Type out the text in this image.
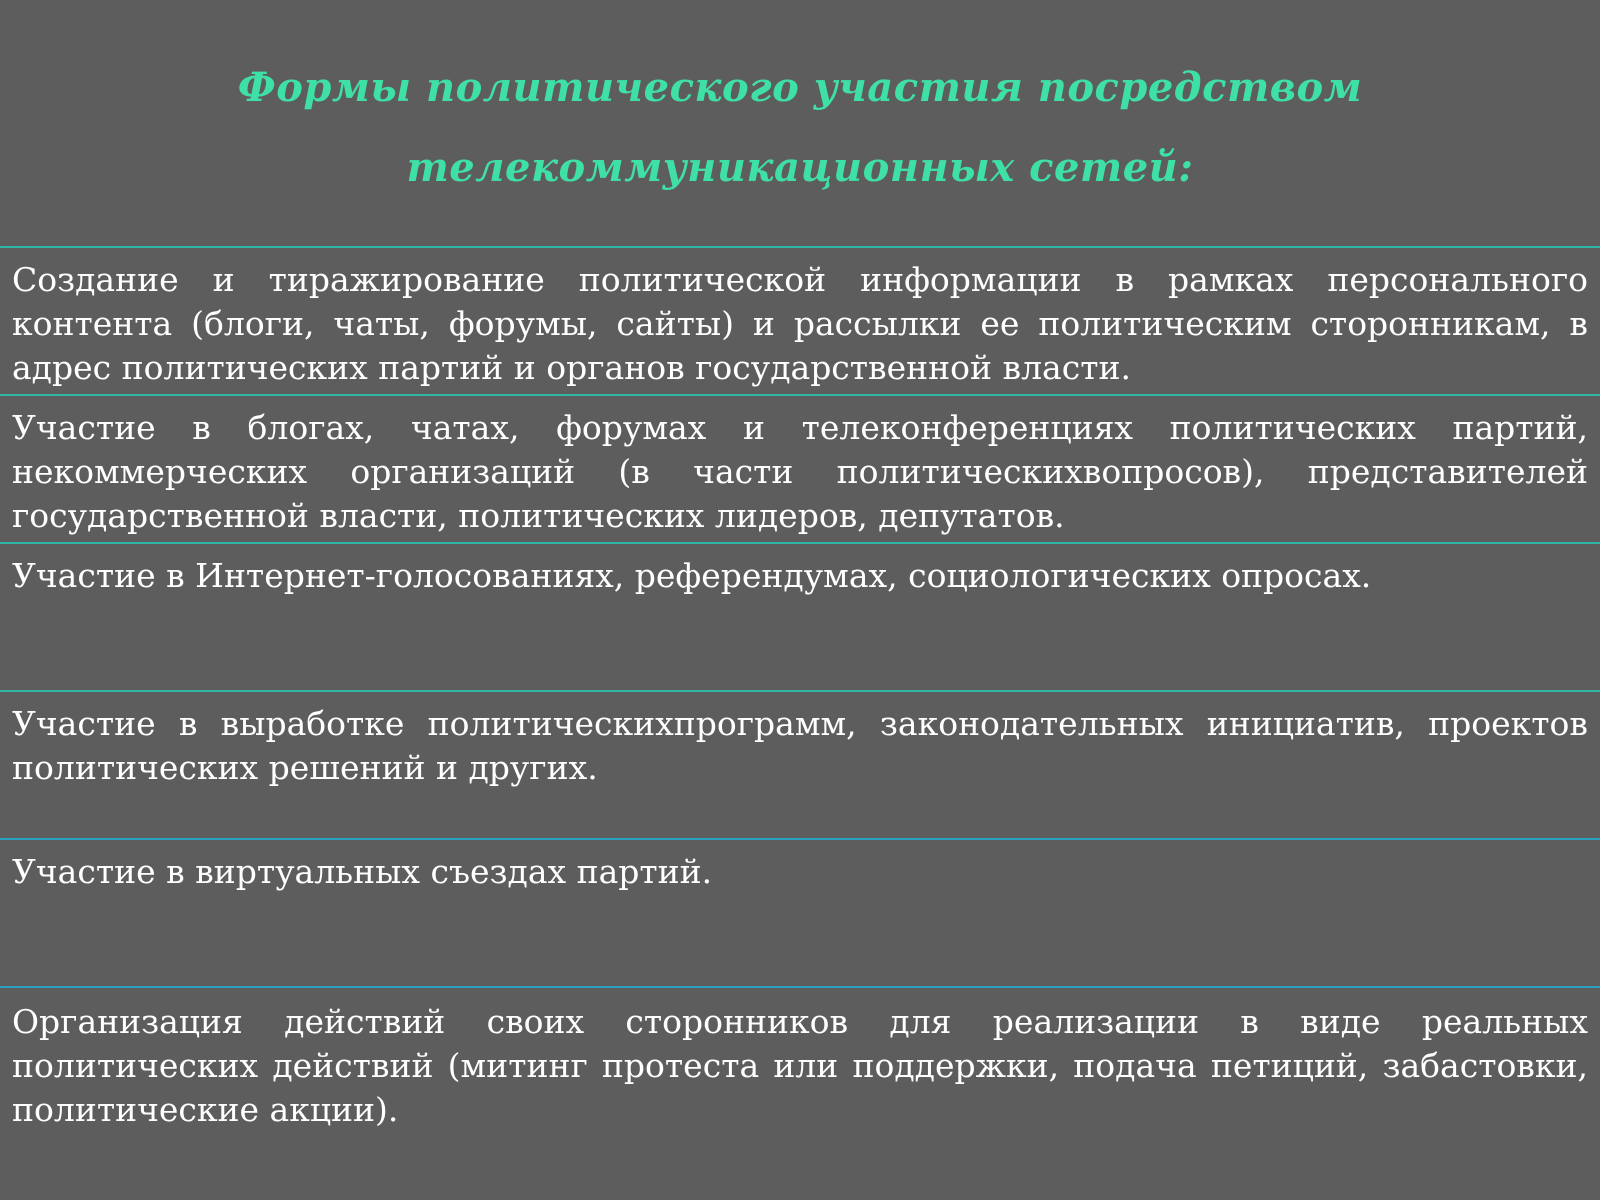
Формы политического участия посредством
телекоммуникационных сетей:
Создание и тиражирование политической информации в рамках персонального контента (блоги, чаты, форумы, сайты) и рассылки ее политическим сторонникам, в адрес политических партий и органов государственной власти.
Участие в блогах, чатах, форумах и телеконференциях политических партий, некоммерческих организаций (в части политическихвопросов), представителей государственной власти, политических лидеров, депутатов.
Участие в Интернет-голосованиях, референдумах, социологических опросах.
Участие в выработке политическихпрограмм, законодательных инициатив, проектов политических решений и других.
Участие в виртуальных съездах партий.
Организация действий своих сторонников для реализации в виде реальных политических действий (митинг протеста или поддержки, подача петиций, забастовки, политические акции).
